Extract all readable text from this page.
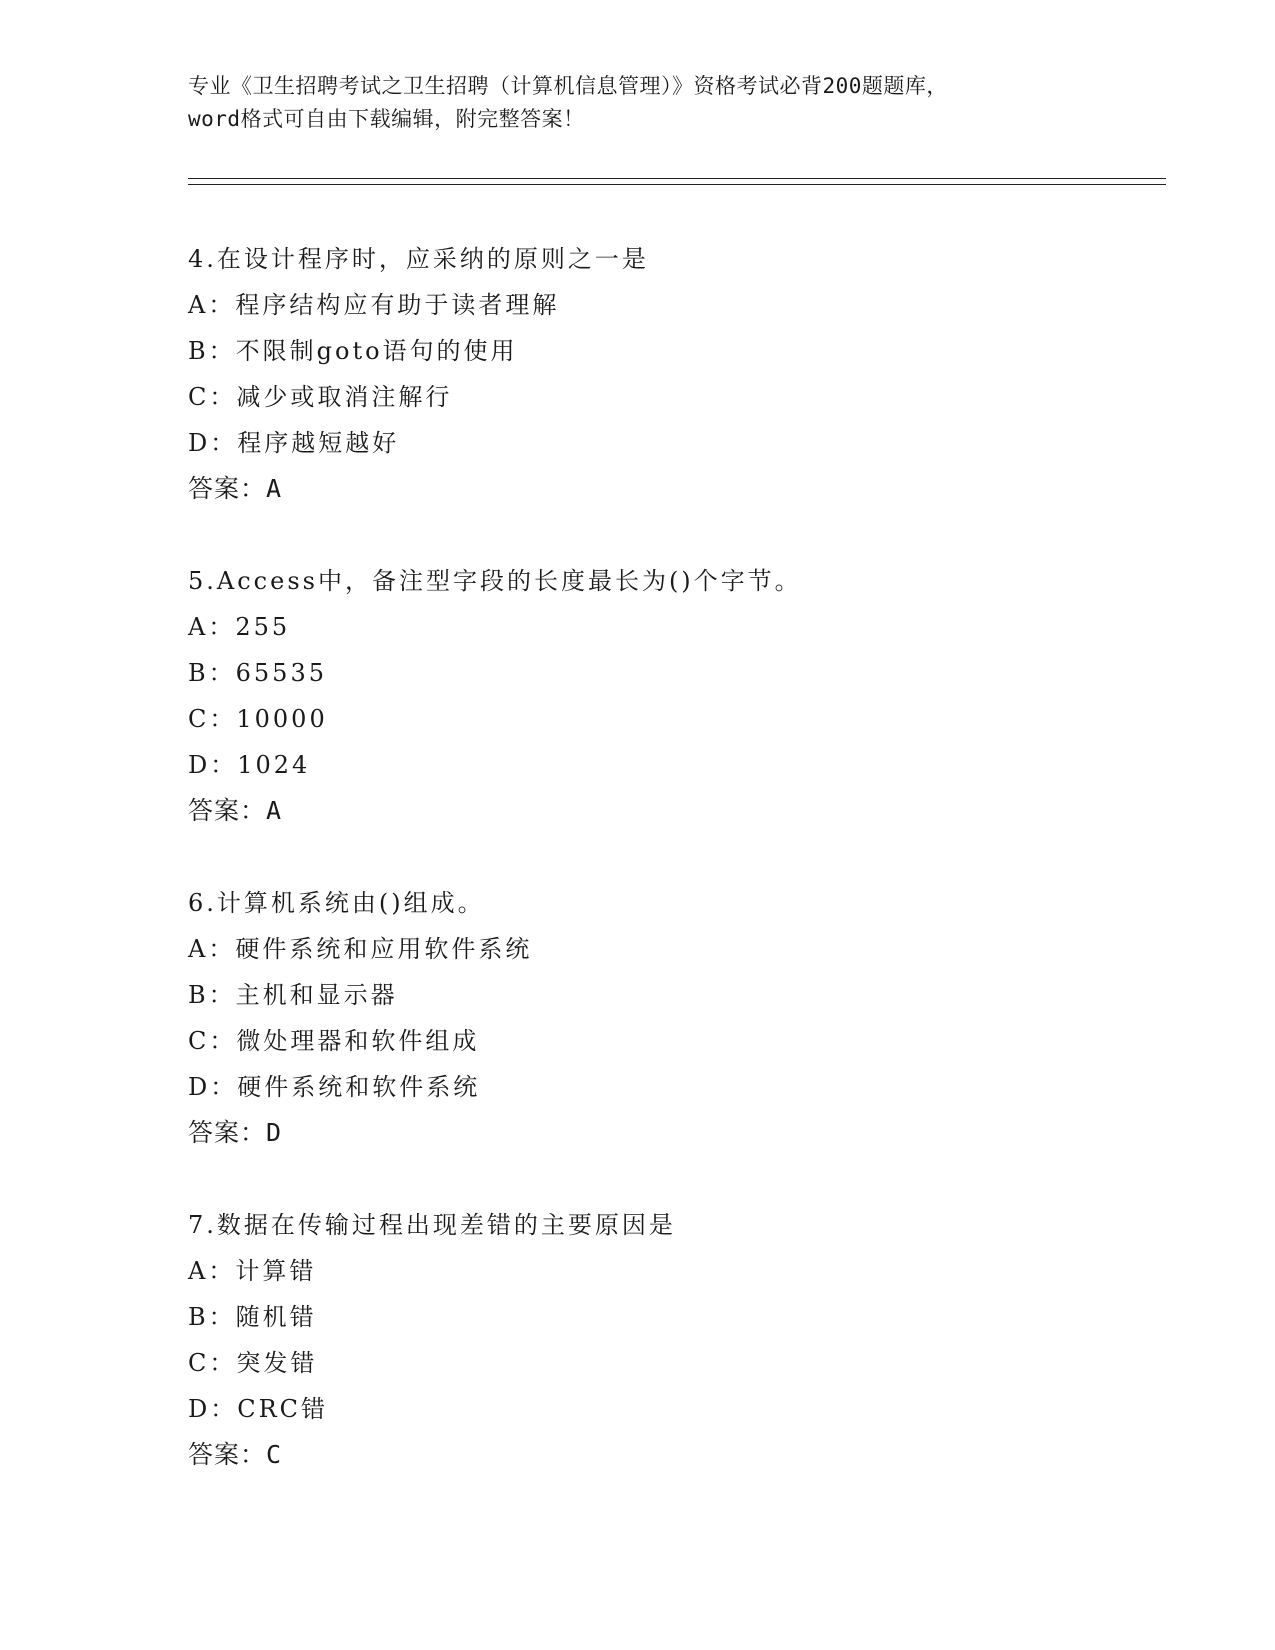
专业《卫生招聘考试之卫生招聘（计算机信息管理）》资格考试必背200题题库，
word格式可自由下载编辑，附完整答案！
4.在设计程序时，应采纳的原则之一是
A：程序结构应有助于读者理解
B：不限制goto语句的使用
C：减少或取消注解行
D：程序越短越好
答案：A
5.Access中，备注型字段的长度最长为()个字节。
A：255
B：65535
C：10000
D：1024
答案：A
6.计算机系统由()组成。
A：硬件系统和应用软件系统
B：主机和显示器
C：微处理器和软件组成
D：硬件系统和软件系统
答案：D
7.数据在传输过程出现差错的主要原因是
A：计算错
B：随机错
C：突发错
D：CRC错
答案：C
